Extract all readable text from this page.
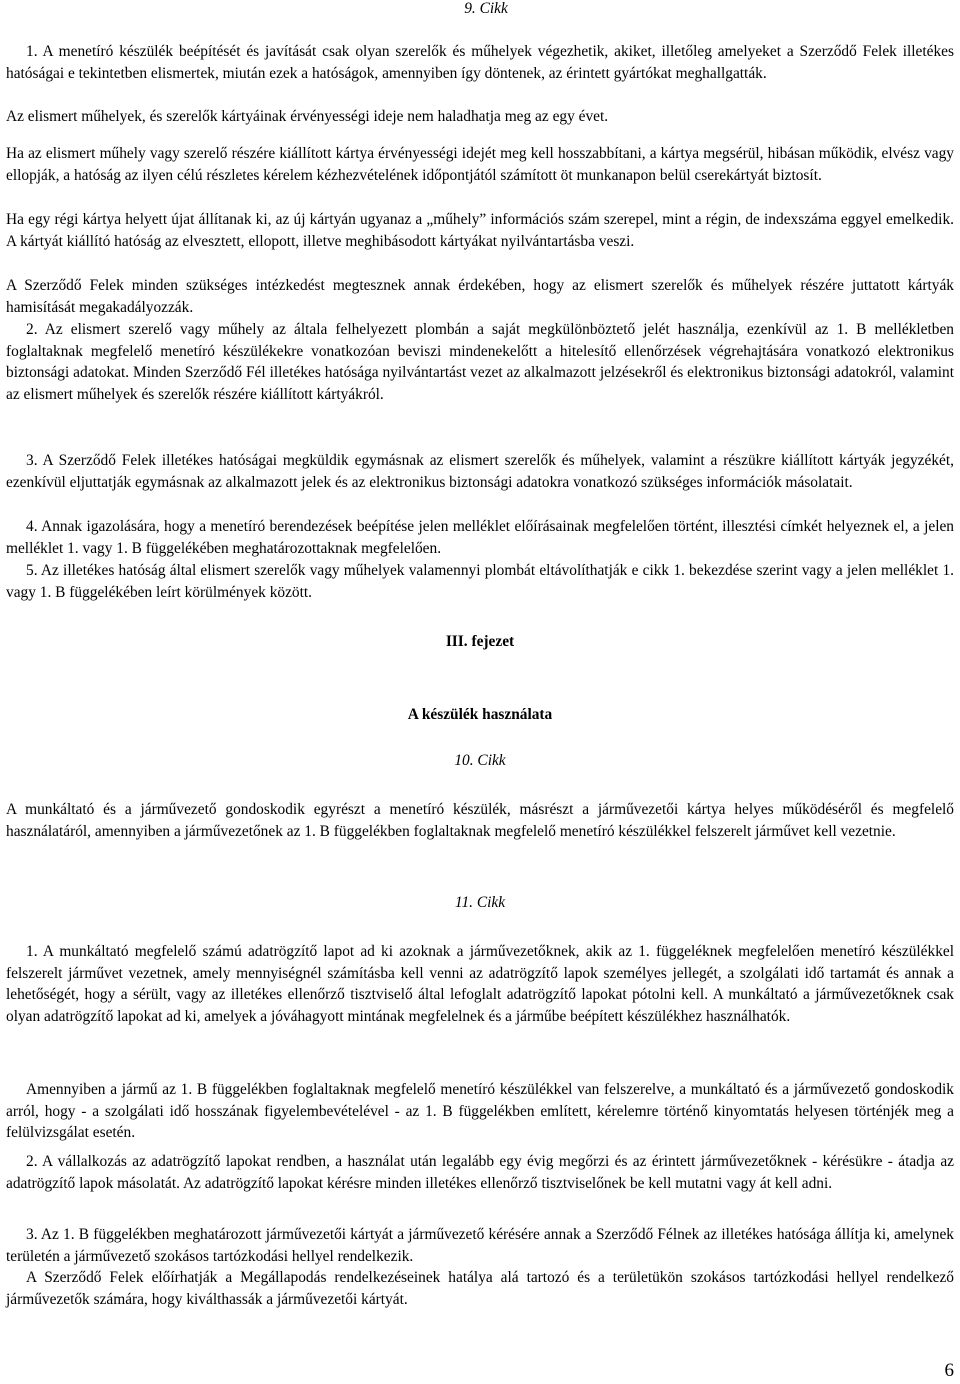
9. Cikk

1. A menetíró készülék beépítését és javítását csak olyan szerelők és műhelyek végezhetik, akiket, illetőleg amelyeket a Szerződő Felek illetékes hatóságai e tekintetben elismertek, miután ezek a hatóságok, amennyiben így döntenek, az érintett gyártókat meghallgatták.

Az elismert műhelyek, és szerelők kártyáinak érvényességi ideje nem haladhatja meg az egy évet.

Ha az elismert műhely vagy szerelő részére kiállított kártya érvényességi idejét meg kell hosszabbítani, a kártya megsérül, hibásan működik, elvész vagy ellopják, a hatóság az ilyen célú részletes kérelem kézhezvételének időpontjától számított öt munkanapon belül cserekártyát biztosít.

Ha egy régi kártya helyett újat állítanak ki, az új kártyán ugyanaz a „műhely” információs szám szerepel, mint a régin, de indexszáma eggyel emelkedik. A kártyát kiállító hatóság az elvesztett, ellopott, illetve meghibásodott kártyákat nyilvántartásba veszi.

A Szerződő Felek minden szükséges intézkedést megtesznek annak érdekében, hogy az elismert szerelők és műhelyek részére juttatott kártyák hamisítását megakadályozzák.

2. Az elismert szerelő vagy műhely az általa felhelyezett plombán a saját megkülönböztető jelét használja, ezenkívül az 1. B mellékletben foglaltaknak megfelelő menetíró készülékekre vonatkozóan beviszi mindenekelőtt a hitelesítő ellenőrzések végrehajtására vonatkozó elektronikus biztonsági adatokat. Minden Szerződő Fél illetékes hatósága nyilvántartást vezet az alkalmazott jelzésekről és elektronikus biztonsági adatokról, valamint az elismert műhelyek és szerelők részére kiállított kártyákról.

3. A Szerződő Felek illetékes hatóságai megküldik egymásnak az elismert szerelők és műhelyek, valamint a részükre kiállított kártyák jegyzékét, ezenkívül eljuttatják egymásnak az alkalmazott jelek és az elektronikus biztonsági adatokra vonatkozó szükséges információk másolatait.

4. Annak igazolására, hogy a menetíró berendezések beépítése jelen melléklet előírásainak megfelelően történt, illesztési címkét helyeznek el, a jelen melléklet 1. vagy 1. B függelékében meghatározottaknak megfelelően.

5. Az illetékes hatóság által elismert szerelők vagy műhelyek valamennyi plombát eltávolíthatják e cikk 1. bekezdése szerint vagy a jelen melléklet 1. vagy 1. B függelékében leírt körülmények között.

III. fejezet

A készülék használata

10. Cikk

A munkáltató és a járművezető gondoskodik egyrészt a menetíró készülék, másrészt a járművezetői kártya helyes működéséről és megfelelő használatáról, amennyiben a járművezetőnek az 1. B függelékben foglaltaknak megfelelő menetíró készülékkel felszerelt járművet kell vezetnie.

11. Cikk

1. A munkáltató megfelelő számú adatrögzítő lapot ad ki azoknak a járművezetőknek, akik az 1. függeléknek megfelelően menetíró készülékkel felszerelt járművet vezetnek, amely mennyiségnél számításba kell venni az adatrögzítő lapok személyes jellegét, a szolgálati idő tartamát és annak a lehetőségét, hogy a sérült, vagy az illetékes ellenőrző tisztviselő által lefoglalt adatrögzítő lapokat pótolni kell. A munkáltató a járművezetőknek csak olyan adatrögzítő lapokat ad ki, amelyek a jóváhagyott mintának megfelelnek és a járműbe beépített készülékhez használhatók.

Amennyiben a jármű az 1. B függelékben foglaltaknak megfelelő menetíró készülékkel van felszerelve, a munkáltató és a járművezető gondoskodik arról, hogy - a szolgálati idő hosszának figyelembevételével - az 1. B függelékben említett, kérelemre történő kinyomtatás helyesen történjék meg a felülvizsgálat esetén.

2. A vállalkozás az adatrögzítő lapokat rendben, a használat után legalább egy évig megőrzi és az érintett járművezetőknek - kérésükre - átadja az adatrögzítő lapok másolatát. Az adatrögzítő lapokat kérésre minden illetékes ellenőrző tisztviselőnek be kell mutatni vagy át kell adni.

3. Az 1. B függelékben meghatározott járművezetői kártyát a járművezető kérésére annak a Szerződő Félnek az illetékes hatósága állítja ki, amelynek területén a járművezető szokásos tartózkodási hellyel rendelkezik.

A Szerződő Felek előírhatják a Megállapodás rendelkezéseinek hatálya alá tartozó és a területükön szokásos tartózkodási hellyel rendelkező járművezetők számára, hogy kiválthassák a járművezetői kártyát.

6
